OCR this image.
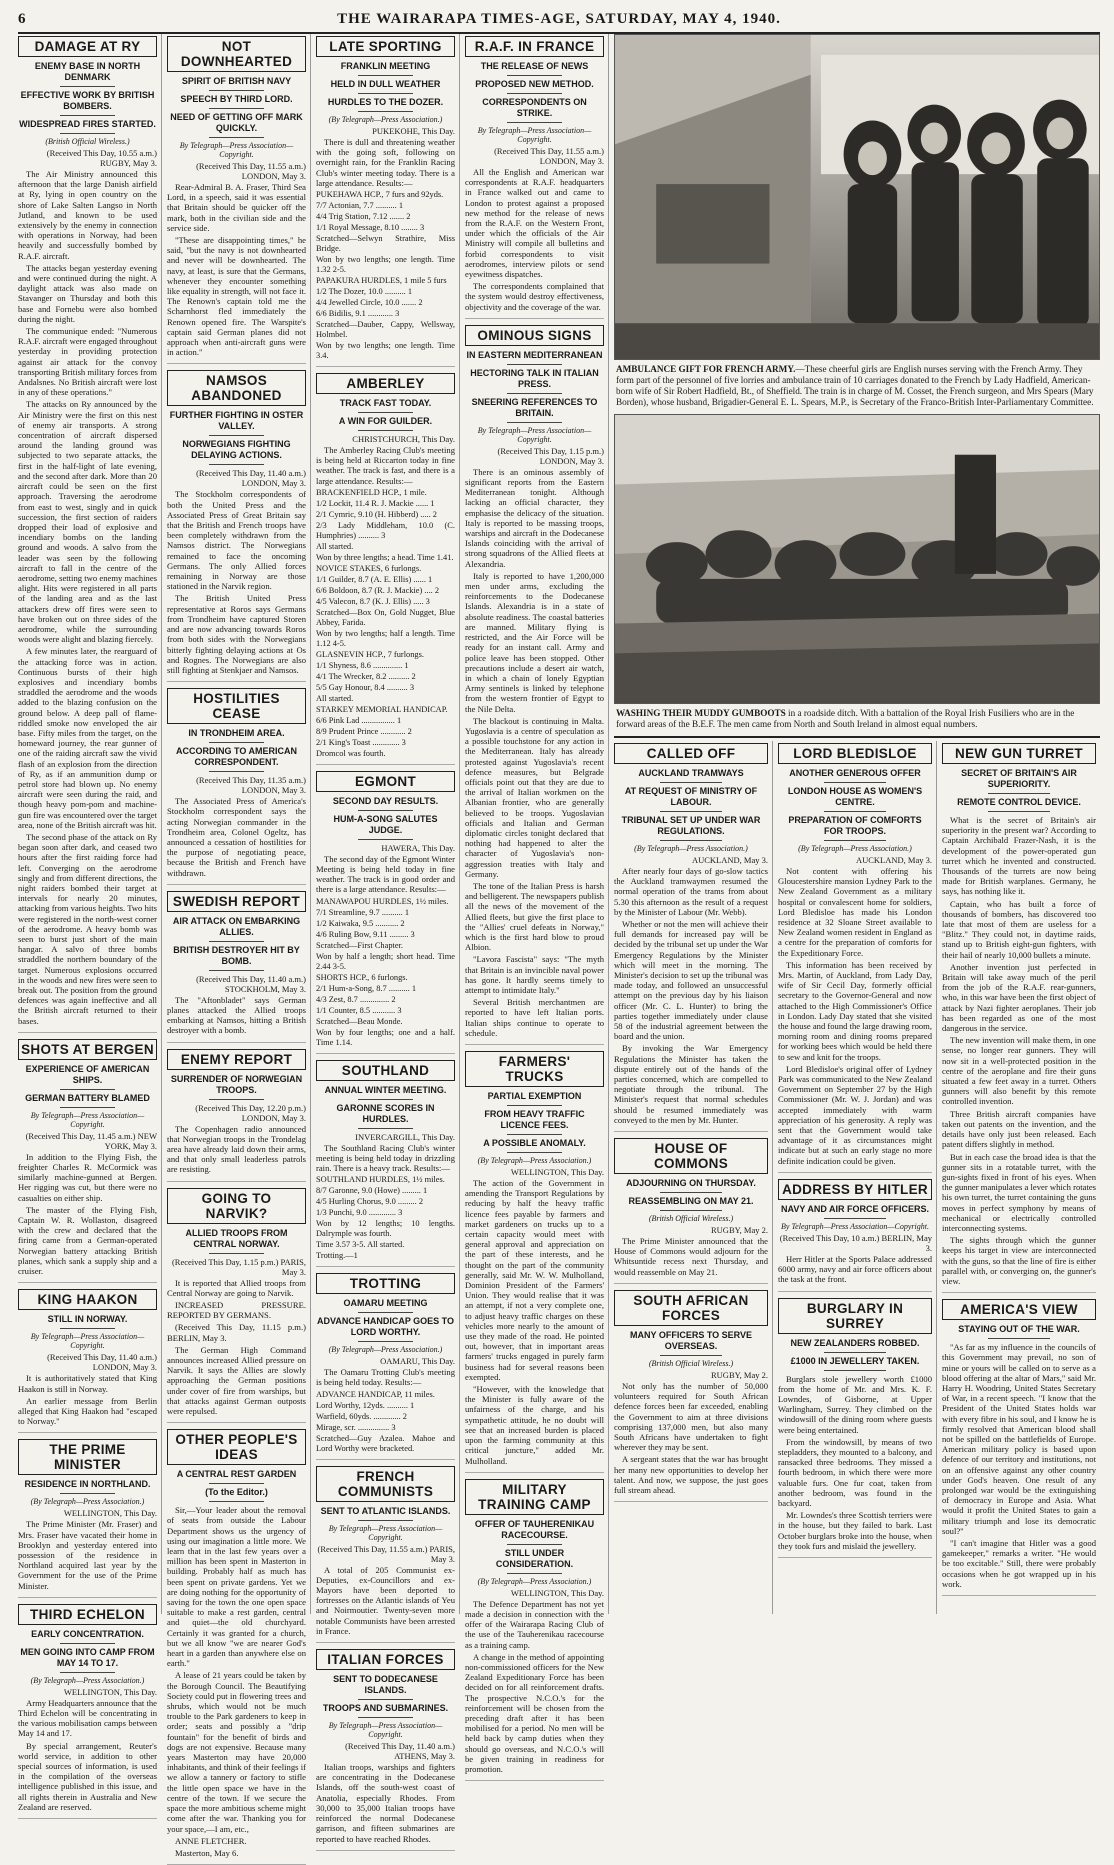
6	THE WAIRARAPA TIMES-AGE, SATURDAY, MAY 4, 1940.
DAMAGE AT RY
ENEMY BASE IN NORTH DENMARK
EFFECTIVE WORK BY BRITISH BOMBERS.
WIDESPREAD FIRES STARTED.
(British Official Wireless.)
(Received This Day, 10.55 a.m.) RUGBY, May 3.

The Air Ministry announced this afternoon that the large Danish airfield at Ry, lying in open country on the shore of Lake Salten Langso in North Jutland, and known to be used extensively by the enemy in connection with operations in Norway, had been heavily and successfully bombed by R.A.F. aircraft.

The attacks began yesterday evening and were continued during the night. A daylight attack was also made on Stavanger on Thursday and both this base and Fornebu were also bombed during the night.

The communique ended: "Numerous R.A.F. aircraft were engaged throughout yesterday in providing protection against air attack for the convoy transporting British military forces from Andalsnes. No British aircraft were lost in any of these operations."

The attacks on Ry announced by the Air Ministry were the first on this nest of enemy air transports. A strong concentration of aircraft dispersed around the landing ground was subjected to two separate attacks, the first in the half-light of late evening, and the second after dark. More than 20 aircraft could be seen on the first approach. Traversing the aerodrome from east to west, singly and in quick succession, the first section of raiders dropped their load of explosive and incendiary bombs on the landing ground and woods. A salvo from the leader was seen by the following aircraft to fall in the centre of the aerodrome, setting two enemy machines alight. Hits were registered in all parts of the landing area and as the last attackers drew off fires were seen to have broken out on three sides of the aerodrome, while the surrounding woods were alight and blazing fiercely.

A few minutes later, the rearguard of the attacking force was in action. Continuous bursts of their high explosives and incendiary bombs straddled the aerodrome and the woods added to the blazing confusion on the ground below. A deep pall of flame-riddled smoke now enveloped the air base. Fifty miles from the target, on the homeward journey, the rear gunner of one of the raiding aircraft saw the vivid flash of an explosion from the direction of Ry, as if an ammunition dump or petrol store had blown up. No enemy aircraft were seen during the raid, and though heavy pom-pom and machine-gun fire was encountered over the target area, none of the British aircraft was hit.

The second phase of the attack on Ry began soon after dark, and ceased two hours after the first raiding force had left. Converging on the aerodrome singly and from different directions, the night raiders bombed their target at intervals for nearly 20 minutes, attacking from various heights. Two hits were registered in the north-west corner of the aerodrome. A heavy bomb was seen to burst just short of the main hangar. A salvo of three bombs straddled the northern boundary of the target. Numerous explosions occurred in the woods and new fires were seen to break out. The position from the ground defences was again ineffective and all the British aircraft returned to their bases.

SHOTS AT BERGEN
EXPERIENCE OF AMERICAN SHIPS.
GERMAN BATTERY BLAMED
By Telegraph—Press Association—Copyright.
(Received This Day, 11.45 a.m.) NEW YORK, May 3.

In addition to the Flying Fish, the freighter Charles R. McCormick was similarly machine-gunned at Bergen. Her rigging was cut, but there were no casualties on either ship.

The master of the Flying Fish, Captain W. R. Wollaston, disagreed with the crew and declared that the firing came from a German-operated Norwegian battery attacking British planes, which sank a supply ship and a cruiser.

KING HAAKON
STILL IN NORWAY.
By Telegraph—Press Association—Copyright.
(Received This Day, 11.40 a.m.) LONDON, May 3.

It is authoritatively stated that King Haakon is still in Norway.

An earlier message from Berlin alleged that King Haakon had "escaped to Norway."

THE PRIME MINISTER
RESIDENCE IN NORTHLAND.
(By Telegraph—Press Association.)
WELLINGTON, This Day.

The Prime Minister (Mr. Fraser) and Mrs. Fraser have vacated their home in Brooklyn and yesterday entered into possession of the residence in Northland acquired last year by the Government for the use of the Prime Minister.

THIRD ECHELON
EARLY CONCENTRATION.
MEN GOING INTO CAMP FROM MAY 14 TO 17.
(By Telegraph—Press Association.)
WELLINGTON, This Day.

Army Headquarters announce that the Third Echelon will be concentrating in the various mobilisation camps between May 14 and 17.

By special arrangement, Reuter's world service, in addition to other special sources of information, is used in the compilation of the overseas intelligence published in this issue, and all rights therein in Australia and New Zealand are reserved.

NOT DOWNHEARTED
SPIRIT OF BRITISH NAVY
SPEECH BY THIRD LORD.
NEED OF GETTING OFF MARK QUICKLY.
By Telegraph—Press Association—Copyright.
(Received This Day, 11.55 a.m.) LONDON, May 3.

Rear-Admiral B. A. Fraser, Third Sea Lord, in a speech, said it was essential that Britain should be quicker off the mark, both in the civilian side and the service side.

"These are disappointing times," he said, "but the navy is not downhearted and never will be downhearted. The navy, at least, is sure that the Germans, whenever they encounter something like equality in strength, will not face it. The Renown's captain told me the Scharnhorst fled immediately the Renown opened fire. The Warspite's captain said German planes did not approach when anti-aircraft guns were in action."

NAMSOS ABANDONED
FURTHER FIGHTING IN OSTER VALLEY.
NORWEGIANS FIGHTING DELAYING ACTIONS.
(Received This Day, 11.40 a.m.) LONDON, May 3.

The Stockholm correspondents of both the United Press and the Associated Press of Great Britain say that the British and French troops have been completely withdrawn from the Namsos district. The Norwegians remained to face the oncoming Germans. The only Allied forces remaining in Norway are those stationed in the Narvik region.

The British United Press representative at Roros says Germans from Trondheim have captured Storen and are now advancing towards Roros from both sides with the Norwegians bitterly fighting delaying actions at Os and Rognes. The Norwegians are also still fighting at Stenkjaer and Namsos.

HOSTILITIES CEASE
IN TRONDHEIM AREA.
ACCORDING TO AMERICAN CORRESPONDENT.
(Received This Day, 11.35 a.m.) LONDON, May 3.

The Associated Press of America's Stockholm correspondent says the acting Norwegian commander in the Trondheim area, Colonel Ogeltz, has announced a cessation of hostilities for the purpose of negotiating peace, because the British and French have withdrawn.

SWEDISH REPORT
AIR ATTACK ON EMBARKING ALLIES.
BRITISH DESTROYER HIT BY BOMB.
(Received This Day, 11.40 a.m.) STOCKHOLM, May 3.

The "Aftonbladet" says German planes attacked the Allied troops embarking at Namsos, hitting a British destroyer with a bomb.

ENEMY REPORT
SURRENDER OF NORWEGIAN TROOPS.
(Received This Day, 12.20 p.m.) LONDON, May 3.

The Copenhagen radio announced that Norwegian troops in the Trondelag area have already laid down their arms, and that only small leaderless patrols are resisting.

GOING TO NARVIK?
ALLIED TROOPS FROM CENTRAL NORWAY.
(Received This Day, 1.15 p.m.) PARIS, May 3.

It is reported that Allied troops from Central Norway are going to Narvik.

INCREASED PRESSURE. REPORTED BY GERMANS.

(Received This Day, 11.15 p.m.) BERLIN, May 3.

The German High Command announces increased Allied pressure on Narvik. It says the Allies are slowly approaching the German positions under cover of fire from warships, but that attacks against German outposts were repulsed.

OTHER PEOPLE'S IDEAS
A CENTRAL REST GARDEN
(To the Editor.)

Sir,—Your leader about the removal of seats from outside the Labour Department shows us the urgency of using our imagination a little more. We learn that in the last few years over a million has been spent in Masterton in building. Probably half as much has been spent on private gardens. Yet we are doing nothing for the opportunity of saving for the town the one open space suitable to make a rest garden, central and quiet—the old churchyard. Certainly it was granted for a church, but we all know "we are nearer God's heart in a garden than anywhere else on earth."

A lease of 21 years could be taken by the Borough Council. The Beautifying Society could put in flowering trees and shrubs, which would not be much trouble to the Park gardeners to keep in order; seats and possibly a "drip fountain" for the benefit of birds and dogs are not expensive. Because many years Masterton may have 20,000 inhabitants, and think of their feelings if we allow a tannery or factory to stifle the little open space we have in the centre of the town. If we secure the space the more ambitious scheme might come after the war. Thanking you for your space,—I am, etc.,

ANNE FLETCHER.

Masterton, May 6.

LATE SPORTING
FRANKLIN MEETING
HELD IN DULL WEATHER
HURDLES TO THE DOZER.
(By Telegraph—Press Association.)
PUKEKOHE, This Day.

There is dull and threatening weather with the going soft, following on overnight rain, for the Franklin Racing Club's winter meeting today. There is a large attendance. Results:—

PUKEHAWA HCP., 7 furs and 92yds.
7/7 Actonian, 7.7 .......... 1
4/4 Trig Station, 7.12 ....... 2
1/1 Royal Message, 8.10 ........ 3
Scratched—Selwyn Strathire, Miss Bridge.
Won by two lengths; one length. Time 1.32 2-5.
PAPAKURA HURDLES, 1 mile 5 furs
1/2 The Dozer, 10.0 .......... 1
4/4 Jewelled Circle, 10.0 ....... 2
6/6 Bidilis, 9.1 ............ 3
Scratched—Dauber, Cappy, Wellsway, Holmbel.
Won by two lengths; one length. Time 3.4.
AMBERLEY
TRACK FAST TODAY.
A WIN FOR GUILDER.
CHRISTCHURCH, This Day.

The Amberley Racing Club's meeting is being held at Riccarton today in fine weather. The track is fast, and there is a large attendance. Results:—

BRACKENFIELD HCP., 1 mile.
1/2 Lockit, 11.4 R. J. Mackie ...... 1
2/1 Cymric, 9.10 (H. Hibberd) ..... 2
2/3 Lady Middleham, 10.0 (C. Humphries) .......... 3
All started.
Won by three lengths; a head. Time 1.41.
NOVICE STAKES, 6 furlongs.
1/1 Guilder, 8.7 (A. E. Ellis) ...... 1
6/6 Boldoon, 8.7 (R. J. Mackie) .... 2
4/5 Valecon, 8.7 (K. J. Ellis) ..... 3
Scratched—Box On, Gold Nugget, Blue Abbey, Farida.
Won by two lengths; half a length. Time 1.12 4-5.
GLASNEVIN HCP., 7 furlongs.
1/1 Shyness, 8.6 .............. 1
4/1 The Wrecker, 8.2 .......... 2
5/5 Gay Honour, 8.4 .......... 3
All started.
STARKEY MEMORIAL HANDICAP.
6/6 Pink Lad ................ 1
8/9 Prudent Prince ............ 2
2/1 King's Toast ............. 3
Dromcol was fourth.
EGMONT
SECOND DAY RESULTS.
HUM-A-SONG SALUTES JUDGE.
HAWERA, This Day.

The second day of the Egmont Winter Meeting is being held today in fine weather. The track is in good order and there is a large attendance. Results:—

MANAWAPOU HURDLES, 1½ miles.
7/1 Streamline, 9.7 .......... 1
1/2 Kaiwaka, 9.5 ........... 2
4/6 Ruling Bow, 9.11 ......... 3
Scratched—First Chapter.
Won by half a length; short head. Time 2.44 3-5.
SHORTS HCP., 6 furlongs.
2/1 Hum-a-Song, 8.7 .......... 1
4/3 Zest, 8.7 .............. 2
1/1 Counter, 8.5 ........... 3
Scratched—Beau Monde.
Won by four lengths; one and a half. Time 1.14.
SOUTHLAND
ANNUAL WINTER MEETING.
GARONNE SCORES IN HURDLES.
INVERCARGILL, This Day.

The Southland Racing Club's winter meeting is being held today in drizzling rain. There is a heavy track. Results:—

SOUTHLAND HURDLES, 1½ miles.
8/7 Garonne, 9.0 (Howe) ......... 1
4/5 Hurling Chorus, 9.0 ......... 2
1/3 Punchi, 9.0 ............. 3
Won by 12 lengths; 10 lengths. Dalrymple was fourth.
Time 3.57 3-5. All started.
Trotting.—1
TROTTING
OAMARU MEETING
ADVANCE HANDICAP GOES TO LORD WORTHY.
(By Telegraph—Press Association.)
OAMARU, This Day.

The Oamaru Trotting Club's meeting is being held today. Results:—

ADVANCE HANDICAP, 11 miles.
Lord Worthy, 12yds. .......... 1
Warfield, 60yds. ............. 2
Mirage, scr. ............... 3
Scratched—Guy Azalea. Mahoe and Lord Worthy were bracketed.
FRENCH COMMUNISTS
SENT TO ATLANTIC ISLANDS.
By Telegraph—Press Association—Copyright.
(Received This Day, 11.55 a.m.) PARIS, May 3.

A total of 205 Communist ex-Deputies, ex-Councillors and ex-Mayors have been deported to fortresses on the Atlantic islands of Yeu and Noirmoutier. Twenty-seven more notable Communists have been arrested in France.

ITALIAN FORCES
SENT TO DODECANESE ISLANDS.
TROOPS AND SUBMARINES.
By Telegraph—Press Association—Copyright.
(Received This Day, 11.40 a.m.) ATHENS, May 3.

Italian troops, warships and fighters are concentrating in the Dodecanese Islands, off the south-west coast of Anatolia, especially Rhodes. From 30,000 to 35,000 Italian troops have reinforced the normal Dodecanese garrison, and fifteen submarines are reported to have reached Rhodes.

R.A.F. IN FRANCE
THE RELEASE OF NEWS
PROPOSED NEW METHOD.
CORRESPONDENTS ON STRIKE.
By Telegraph—Press Association—Copyright.
(Received This Day, 11.55 a.m.) LONDON, May 3.

All the English and American war correspondents at R.A.F. headquarters in France walked out and came to London to protest against a proposed new method for the release of news from the R.A.F. on the Western Front, under which the officials of the Air Ministry will compile all bulletins and forbid correspondents to visit aerodromes, interview pilots or send eyewitness dispatches.

The correspondents complained that the system would destroy effectiveness, objectivity and the coverage of the war.

OMINOUS SIGNS
IN EASTERN MEDITERRANEAN
HECTORING TALK IN ITALIAN PRESS.
SNEERING REFERENCES TO BRITAIN.
By Telegraph—Press Association—Copyright.
(Received This Day, 1.15 p.m.) LONDON, May 3.

There is an ominous assembly of significant reports from the Eastern Mediterranean tonight. Although lacking an official character, they emphasise the delicacy of the situation. Italy is reported to be massing troops, warships and aircraft in the Dodecanese Islands coinciding with the arrival of strong squadrons of the Allied fleets at Alexandria.

Italy is reported to have 1,200,000 men under arms, excluding the reinforcements to the Dodecanese Islands. Alexandria is in a state of absolute readiness. The coastal batteries are manned. Military flying is restricted, and the Air Force will be ready for an instant call. Army and police leave has been stopped. Other precautions include a desert air watch, in which a chain of lonely Egyptian Army sentinels is linked by telephone from the western frontier of Egypt to the Nile Delta.

The blackout is continuing in Malta. Yugoslavia is a centre of speculation as a possible touchstone for any action in the Mediterranean. Italy has already protested against Yugoslavia's recent defence measures, but Belgrade officials point out that they are due to the arrival of Italian workmen on the Albanian frontier, who are generally believed to be troops. Yugoslavian officials and Italian and German diplomatic circles tonight declared that nothing had happened to alter the character of Yugoslavia's non-aggression treaties with Italy and Germany.

The tone of the Italian Press is harsh and belligerent. The newspapers publish all the news of the movement of the Allied fleets, but give the first place to the "Allies' cruel defeats in Norway," which is the first hard blow to proud Albion.

"Lavora Fascista" says: "The myth that Britain is an invincible naval power has gone. It hardly seems timely to attempt to intimidate Italy."

Several British merchantmen are reported to have left Italian ports. Italian ships continue to operate to schedule.

FARMERS' TRUCKS
PARTIAL EXEMPTION
FROM HEAVY TRAFFIC LICENCE FEES.
A POSSIBLE ANOMALY.
(By Telegraph—Press Association.)
WELLINGTON, This Day.

The action of the Government in amending the Transport Regulations by reducing by half the heavy traffic licence fees payable by farmers and market gardeners on trucks up to a certain capacity would meet with general approval and appreciation on the part of these interests, and he thought on the part of the community generally, said Mr. W. W. Mulholland, Dominion President of the Farmers' Union. They would realise that it was an attempt, if not a very complete one, to adjust heavy traffic charges on these vehicles more nearly to the amount of use they made of the road. He pointed out, however, that in important areas farmers' trucks engaged in purely farm business had for several reasons been exempted.

"However, with the knowledge that the Minister is fully aware of the unfairness of the charge, and his sympathetic attitude, he no doubt will see that an increased burden is placed upon the farming community at this critical juncture," added Mr. Mulholland.

MILITARY TRAINING CAMP
OFFER OF TAUHERENIKAU RACECOURSE.
STILL UNDER CONSIDERATION.
(By Telegraph—Press Association.)
WELLINGTON, This Day.

The Defence Department has not yet made a decision in connection with the offer of the Wairarapa Racing Club of the use of the Tauherenikau racecourse as a training camp.

A change in the method of appointing non-commissioned officers for the New Zealand Expeditionary Force has been decided on for all reinforcement drafts. The prospective N.C.O.'s for the reinforcement will be chosen from the preceding draft after it has been mobilised for a period. No men will be held back by camp duties when they should go overseas, and N.C.O.'s will be given training in readiness for promotion.

AMBULANCE GIFT FOR FRENCH ARMY.—These cheerful girls are English nurses serving with the French Army. They form part of the personnel of five lorries and ambulance train of 10 carriages donated to the French by Lady Hadfield, American-born wife of Sir Robert Hadfield, Bt., of Sheffield. The train is in charge of M. Cosset, the French surgeon, and Mrs Spears (Mary Borden), whose husband, Brigadier-General E. L. Spears, M.P., is Secretary of the Franco-British Inter-Parliamentary Committee.
WASHING THEIR MUDDY GUMBOOTS in a roadside ditch. With a battalion of the Royal Irish Fusiliers who are in the forward areas of the B.E.F. The men came from North and South Ireland in almost equal numbers.
CALLED OFF
AUCKLAND TRAMWAYS
AT REQUEST OF MINISTRY OF LABOUR.
TRIBUNAL SET UP UNDER WAR REGULATIONS.
(By Telegraph—Press Association.)
AUCKLAND, May 3.

After nearly four days of go-slow tactics the Auckland tramwaymen resumed the normal operation of the trams from about 5.30 this afternoon as the result of a request by the Minister of Labour (Mr. Webb).

Whether or not the men will achieve their full demands for increased pay will be decided by the tribunal set up under the War Emergency Regulations by the Minister which will meet in the morning. The Minister's decision to set up the tribunal was made today, and followed an unsuccessful attempt on the previous day by his liaison officer (Mr. C. L. Hunter) to bring the parties together immediately under clause 58 of the industrial agreement between the board and the union.

By invoking the War Emergency Regulations the Minister has taken the dispute entirely out of the hands of the parties concerned, which are compelled to negotiate through the tribunal. The Minister's request that normal schedules should be resumed immediately was conveyed to the men by Mr. Hunter.

HOUSE OF COMMONS
ADJOURNING ON THURSDAY.
REASSEMBLING ON MAY 21.
(British Official Wireless.)
RUGBY, May 2.

The Prime Minister announced that the House of Commons would adjourn for the Whitsuntide recess next Thursday, and would reassemble on May 21.

SOUTH AFRICAN FORCES
MANY OFFICERS TO SERVE OVERSEAS.
(British Official Wireless.)
RUGBY, May 2.

Not only has the number of 50,000 volunteers required for South African defence forces been far exceeded, enabling the Government to aim at three divisions comprising 137,000 men, but also many South Africans have undertaken to fight wherever they may be sent.

A sergeant states that the war has brought her many new opportunities to develop her talent. And now, we suppose, the just goes full stream ahead.

LORD BLEDISLOE
ANOTHER GENEROUS OFFER
LONDON HOUSE AS WOMEN'S CENTRE.
PREPARATION OF COMFORTS FOR TROOPS.
(By Telegraph—Press Association.)
AUCKLAND, May 3.

Not content with offering his Gloucestershire mansion Lydney Park to the New Zealand Government as a military hospital or convalescent home for soldiers, Lord Bledisloe has made his London residence at 32 Sloane Street available to New Zealand women resident in England as a centre for the preparation of comforts for the Expeditionary Force.

This information has been received by Mrs. Martin, of Auckland, from Lady Day, wife of Sir Cecil Day, formerly official secretary to the Governor-General and now attached to the High Commissioner's Office in London. Lady Day stated that she visited the house and found the large drawing room, morning room and dining rooms prepared for working bees which would be held there to sew and knit for the troops.

Lord Bledisloe's original offer of Lydney Park was communicated to the New Zealand Government on September 27 by the High Commissioner (Mr. W. J. Jordan) and was accepted immediately with warm appreciation of his generosity. A reply was sent that the Government would take advantage of it as circumstances might indicate but at such an early stage no more definite indication could be given.

ADDRESS BY HITLER
NAVY AND AIR FORCE OFFICERS.
By Telegraph—Press Association—Copyright.
(Received This Day, 10 a.m.) BERLIN, May 3.

Herr Hitler at the Sports Palace addressed 6000 army, navy and air force officers about the task at the front.

BURGLARY IN SURREY
NEW ZEALANDERS ROBBED.
£1000 IN JEWELLERY TAKEN.

Burglars stole jewellery worth £1000 from the home of Mr. and Mrs. K. F. Lowndes, of Gisborne, at Upper Warlingham, Surrey. They climbed on the windowsill of the dining room where guests were being entertained.

From the windowsill, by means of two stepladders, they mounted to a balcony, and ransacked three bedrooms. They missed a fourth bedroom, in which there were more valuable furs. One fur coat, taken from another bedroom, was found in the backyard.

Mr. Lowndes's three Scottish terriers were in the house, but they failed to bark. Last October burglars broke into the house, when they took furs and mislaid the jewellery.

NEW GUN TURRET
SECRET OF BRITAIN'S AIR SUPERIORITY.
REMOTE CONTROL DEVICE.

What is the secret of Britain's air superiority in the present war? According to Captain Archibald Frazer-Nash, it is the development of the power-operated gun turret which he invented and constructed. Thousands of the turrets are now being made for British warplanes. Germany, he says, has nothing like it.

Captain, who has built a force of thousands of bombers, has discovered too late that most of them are useless for a "Blitz." They could not, in daytime raids, stand up to British eight-gun fighters, with their hail of nearly 10,000 bullets a minute.

Another invention just perfected in Britain will take away much of the peril from the job of the R.A.F. rear-gunners, who, in this war have been the first object of attack by Nazi fighter aeroplanes. Their job has been regarded as one of the most dangerous in the service.

The new invention will make them, in one sense, no longer rear gunners. They will now sit in a well-protected position in the centre of the aeroplane and fire their guns situated a few feet away in a turret. Others gunners will also benefit by this remote controlled invention.

Three British aircraft companies have taken out patents on the invention, and the details have only just been released. Each patent differs slightly in method.

But in each case the broad idea is that the gunner sits in a rotatable turret, with the gun-sights fixed in front of his eyes. When the gunner manipulates a lever which rotates his own turret, the turret containing the guns moves in perfect symphony by means of mechanical or electrically controlled interconnecting systems.

The sights through which the gunner keeps his target in view are interconnected with the guns, so that the line of fire is either parallel with, or converging on, the gunner's view.

AMERICA'S VIEW
STAYING OUT OF THE WAR.

"As far as my influence in the councils of this Government may prevail, no son of mine or yours will be called on to serve as a blood offering at the altar of Mars," said Mr. Harry H. Woodring, United States Secretary of War, in a recent speech. "I know that the President of the United States holds war with every fibre in his soul, and I know he is firmly resolved that American blood shall not be spilled on the battlefields of Europe. American military policy is based upon defence of our territory and institutions, not on an offensive against any other country under God's heaven. One result of any prolonged war would be the extinguishing of democracy in Europe and Asia. What would it profit the United States to gain a military triumph and lose its democratic soul?"

"I can't imagine that Hitler was a good gamekeeper," remarks a writer. "He would be too excitable." Still, there were probably occasions when he got wrapped up in his work.
